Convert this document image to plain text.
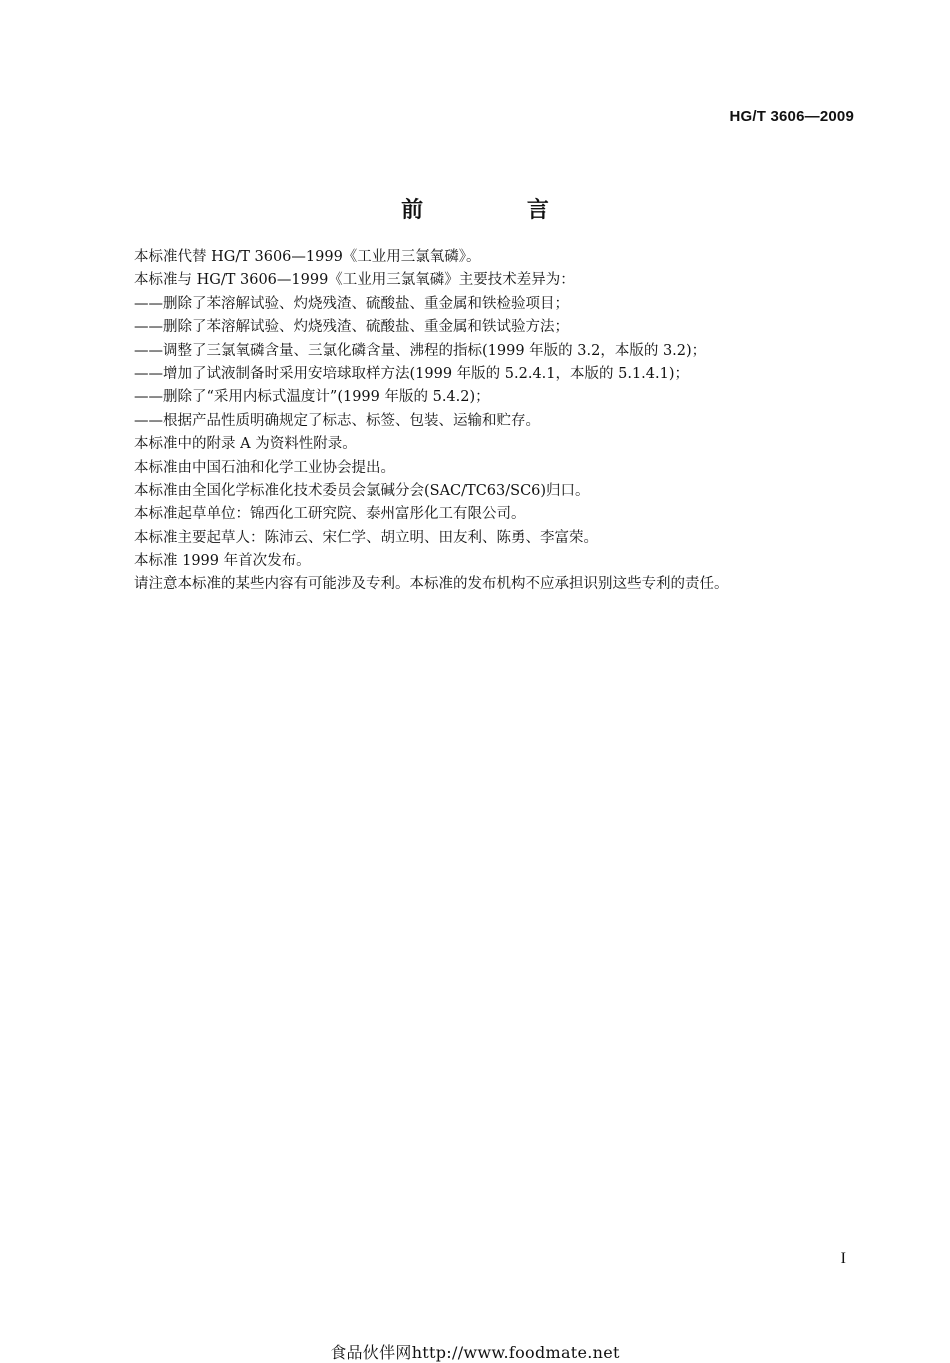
HG/T 3606—2009
前 言
本标准代替 HG/T 3606—1999《工业用三氯氧磷》。
本标准与 HG/T 3606—1999《工业用三氯氧磷》主要技术差异为：
——删除了苯溶解试验、灼烧残渣、硫酸盐、重金属和铁检验项目；
——删除了苯溶解试验、灼烧残渣、硫酸盐、重金属和铁试验方法；
——调整了三氯氧磷含量、三氯化磷含量、沸程的指标(1999 年版的 3.2，本版的 3.2)；
——增加了试液制备时采用安培球取样方法(1999 年版的 5.2.4.1，本版的 5.1.4.1)；
——删除了“采用内标式温度计”(1999 年版的 5.4.2)；
——根据产品性质明确规定了标志、标签、包装、运输和贮存。
本标准中的附录 A 为资料性附录。
本标准由中国石油和化学工业协会提出。
本标准由全国化学标准化技术委员会氯碱分会(SAC/TC63/SC6)归口。
本标准起草单位：锦西化工研究院、泰州富彤化工有限公司。
本标准主要起草人：陈沛云、宋仁学、胡立明、田友利、陈勇、李富荣。
本标准 1999 年首次发布。
请注意本标准的某些内容有可能涉及专利。本标准的发布机构不应承担识别这些专利的责任。
I
食品伙伴网http://www.foodmate.net
